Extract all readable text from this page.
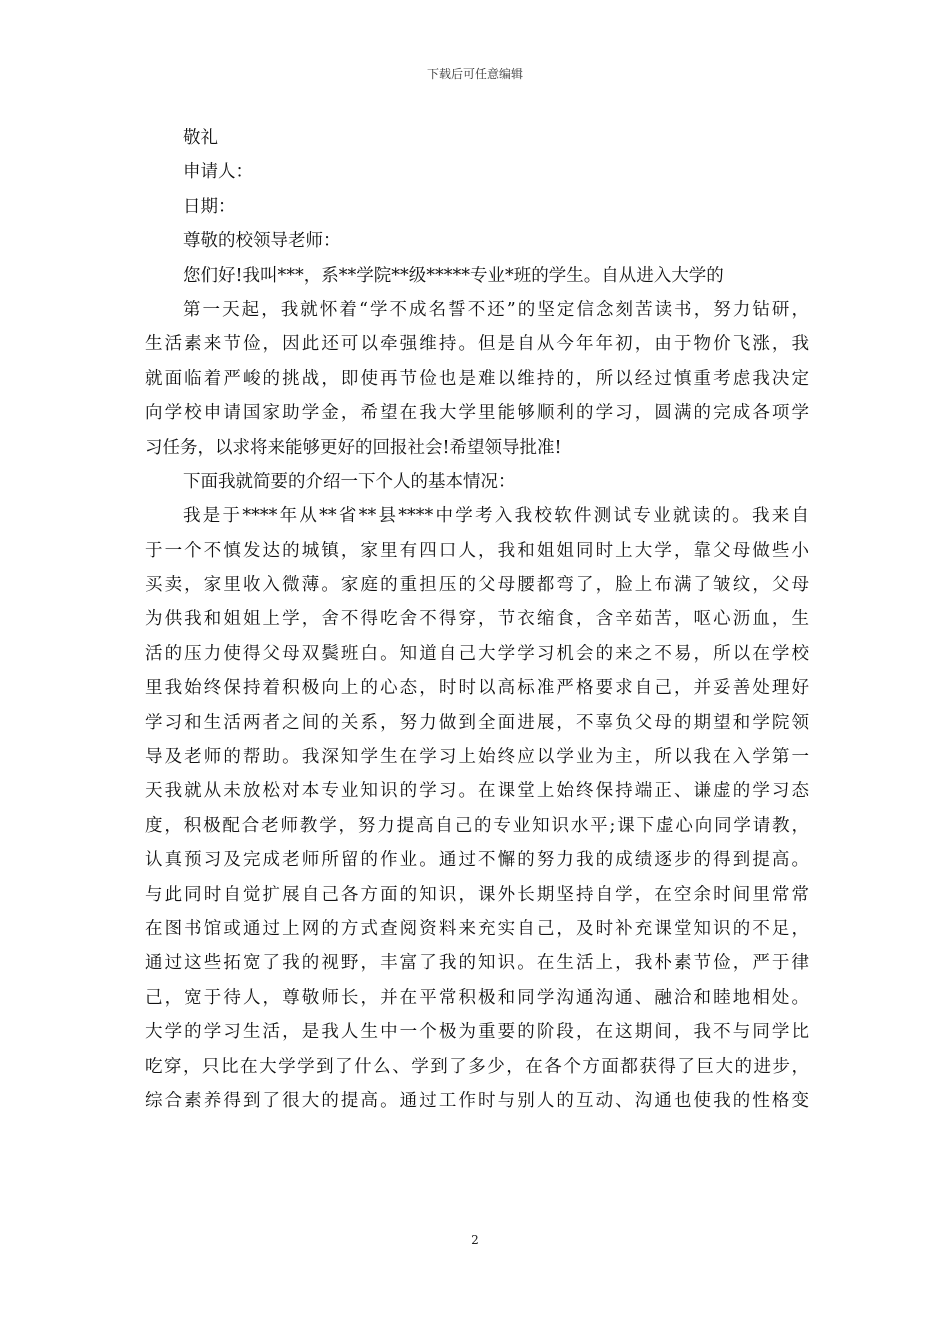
下载后可任意编辑
敬礼
申请人：
日期：
尊敬的校领导老师：
您们好!我叫***，系**学院**级*****专业*班的学生。自从进入大学的
第一天起，我就怀着“学不成名誓不还”的坚定信念刻苦读书，努力钻研，
生活素来节俭，因此还可以牵强维持。但是自从今年年初，由于物价飞涨，我
就面临着严峻的挑战，即使再节俭也是难以维持的，所以经过慎重考虑我决定
向学校申请国家助学金，希望在我大学里能够顺利的学习，圆满的完成各项学
习任务，以求将来能够更好的回报社会!希望领导批准!
下面我就简要的介绍一下个人的基本情况：
我是于****年从**省**县****中学考入我校软件测试专业就读的。我来自
于一个不慎发达的城镇，家里有四口人，我和姐姐同时上大学，靠父母做些小
买卖，家里收入微薄。家庭的重担压的父母腰都弯了，脸上布满了皱纹，父母
为供我和姐姐上学，舍不得吃舍不得穿，节衣缩食，含辛茹苦，呕心沥血，生
活的压力使得父母双鬓班白。知道自己大学学习机会的来之不易，所以在学校
里我始终保持着积极向上的心态，时时以高标准严格要求自己，并妥善处理好
学习和生活两者之间的关系，努力做到全面进展，不辜负父母的期望和学院领
导及老师的帮助。我深知学生在学习上始终应以学业为主，所以我在入学第一
天我就从未放松对本专业知识的学习。在课堂上始终保持端正、谦虚的学习态
度，积极配合老师教学，努力提高自己的专业知识水平;课下虚心向同学请教，
认真预习及完成老师所留的作业。通过不懈的努力我的成绩逐步的得到提高。
与此同时自觉扩展自己各方面的知识，课外长期坚持自学，在空余时间里常常
在图书馆或通过上网的方式查阅资料来充实自己，及时补充课堂知识的不足，
通过这些拓宽了我的视野，丰富了我的知识。在生活上，我朴素节俭，严于律
己，宽于待人，尊敬师长，并在平常积极和同学沟通沟通、融洽和睦地相处。
大学的学习生活，是我人生中一个极为重要的阶段，在这期间，我不与同学比
吃穿，只比在大学学到了什么、学到了多少，在各个方面都获得了巨大的进步，
综合素养得到了很大的提高。通过工作时与别人的互动、沟通也使我的性格变
2
